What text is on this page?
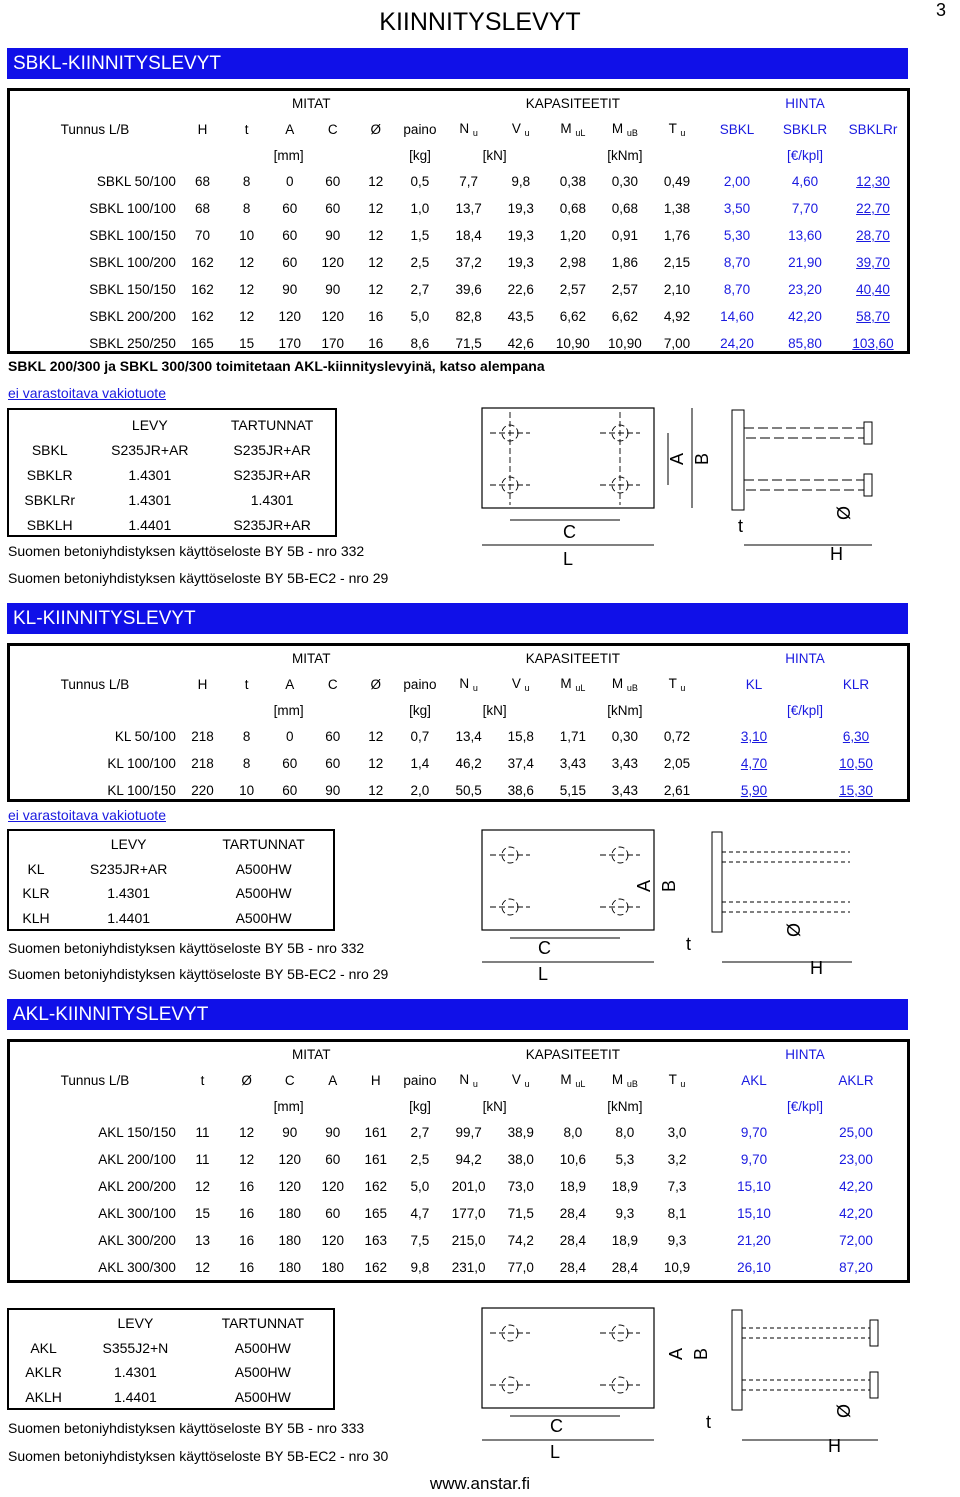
KIINNITYSLEVYT	3
SBKL-KIINNITYSLEVYT
	MITAT						KAPASITEETIT					HINTA		
Tunnus L/B	H	t	A	C	Ø	paino	N $_u$	V $_u$	M $_{uL}$	M $_{uB}$	T $_u$	SBKL	SBKLR	SBKLRr
	[mm]					[kg]	[kN]		[kNm]			[€/kpl]		
SBKL 50/100	68	8	0	60	12	0,5	7,7	9,8	0,38	0,30	0,49	2,00	4,60	12,30
SBKL 100/100	68	8	60	60	12	1,0	13,7	19,3	0,68	0,68	1,38	3,50	7,70	22,70
SBKL 100/150	70	10	60	90	12	1,5	18,4	19,3	1,20	0,91	1,76	5,30	13,60	28,70
SBKL 100/200	162	12	60	120	12	2,5	37,2	19,3	2,98	1,86	2,15	8,70	21,90	39,70
SBKL 150/150	162	12	90	90	12	2,7	39,6	22,6	2,57	2,57	2,10	8,70	23,20	40,40
SBKL 200/200	162	12	120	120	16	5,0	82,8	43,5	6,62	6,62	4,92	14,60	42,20	58,70
SBKL 250/250	165	15	170	170	16	8,6	71,5	42,6	10,90	10,90	7,00	24,20	85,80	103,60
SBKL 200/300 ja SBKL 300/300 toimitetaan AKL-kiinnityslevyinä, katso alempana
ei varastoitava vakiotuote
	LEVY	TARTUNNAT
SBKL	S235JR+AR	S235JR+AR
SBKLR	1.4301	S235JR+AR
SBKLRr	1.4301	1.4301
SBKLH	1.4401	S235JR+AR
Suomen betoniyhdistyksen käyttöseloste BY 5B - nro 332
Suomen betoniyhdistyksen käyttöseloste BY 5B-EC2 - nro 29
C
L
A B
t
H
Ø
KL-KIINNITYSLEVYT
	MITAT						KAPASITEETIT					HINTA	
Tunnus L/B	H	t	A	C	Ø	paino	N $_u$	V $_u$	M $_{uL}$	M $_{uB}$	T $_u$	KL	KLR
	[mm]					[kg]	[kN]		[kNm]			[€/kpl]	
KL 50/100	218	8	0	60	12	0,7	13,4	15,8	1,71	0,30	0,72	3,10	6,30
KL 100/100	218	8	60	60	12	1,4	46,2	37,4	3,43	3,43	2,05	4,70	10,50
KL 100/150	220	10	60	90	12	2,0	50,5	38,6	5,15	3,43	2,61	5,90	15,30
ei varastoitava vakiotuote
	LEVY	TARTUNNAT
KL	S235JR+AR	A500HW
KLR	1.4301	A500HW
KLH	1.4401	A500HW
Suomen betoniyhdistyksen käyttöseloste BY 5B - nro 332
Suomen betoniyhdistyksen käyttöseloste BY 5B-EC2 - nro 29
C
L
A B
t
H
Ø
AKL-KIINNITYSLEVYT
	MITAT						KAPASITEETIT					HINTA	
Tunnus L/B	t	Ø	C	A	H	paino	N $_u$	V $_u$	M $_{uL}$	M $_{uB}$	T $_u$	AKL	AKLR
	[mm]					[kg]	[kN]		[kNm]			[€/kpl]	
AKL 150/150	11	12	90	90	161	2,7	99,7	38,9	8,0	8,0	3,0	9,70	25,00
AKL 200/100	11	12	120	60	161	2,5	94,2	38,0	10,6	5,3	3,2	9,70	23,00
AKL 200/200	12	16	120	120	162	5,0	201,0	73,0	18,9	18,9	7,3	15,10	42,20
AKL 300/100	15	16	180	60	165	4,7	177,0	71,5	28,4	9,3	8,1	15,10	42,20
AKL 300/200	13	16	180	120	163	7,5	215,0	74,2	28,4	18,9	9,3	21,20	72,00
AKL 300/300	12	16	180	180	162	9,8	231,0	77,0	28,4	28,4	10,9	26,10	87,20
	LEVY	TARTUNNAT
AKL	S355J2+N	A500HW
AKLR	1.4301	A500HW
AKLH	1.4401	A500HW
Suomen betoniyhdistyksen käyttöseloste BY 5B - nro 333
Suomen betoniyhdistyksen käyttöseloste BY 5B-EC2 - nro 30
C
L
A B
t
H
Ø
www.anstar.fi
